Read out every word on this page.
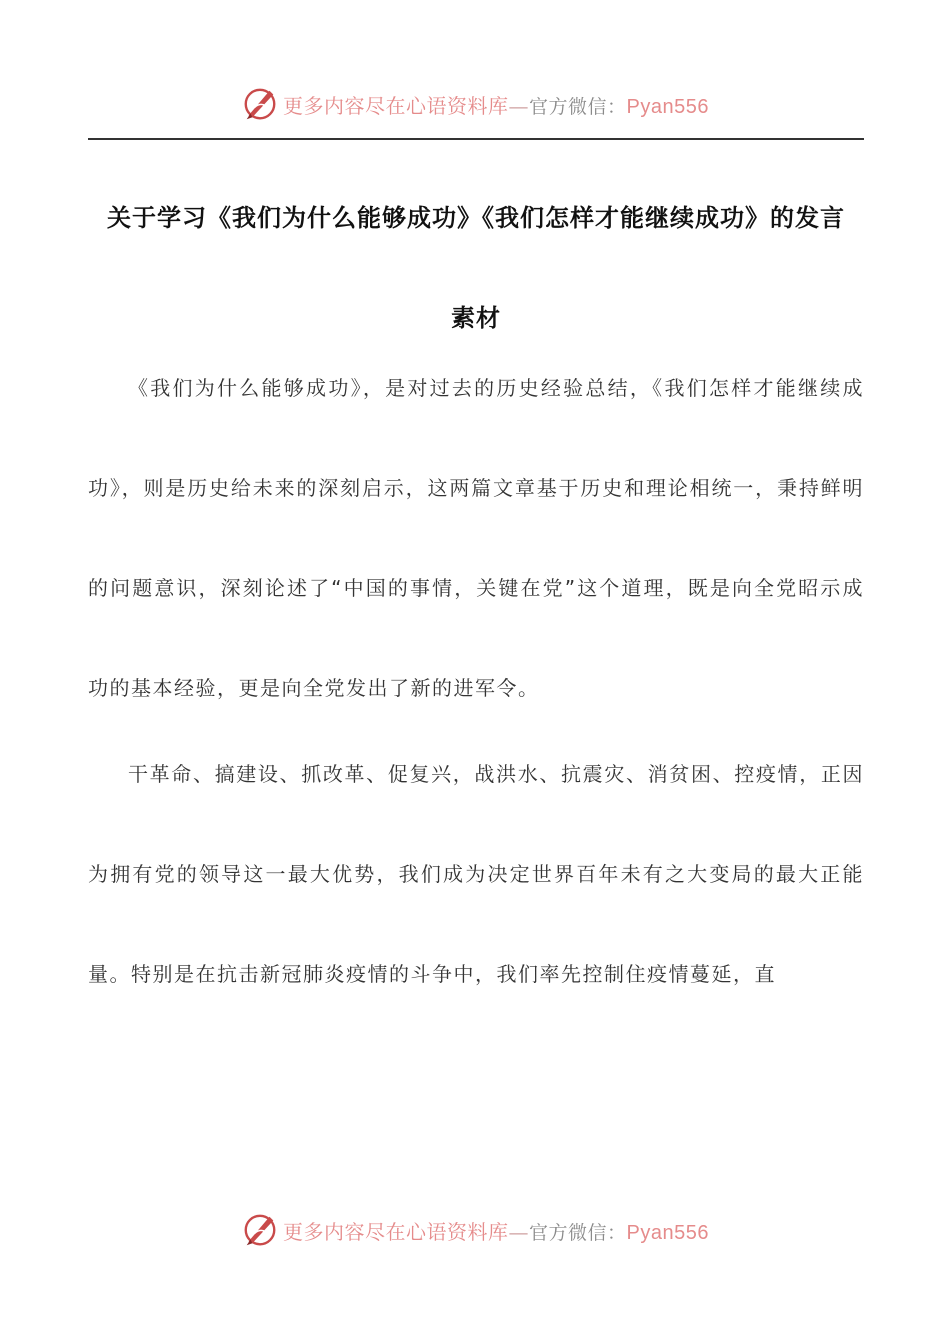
更多内容尽在心语资料库—官方微信：Pyan556
关于学习《我们为什么能够成功》《我们怎样才能继续成功》的发言
素材

《我们为什么能够成功》，是对过去的历史经验总结，《我们怎样才能继续成功》，则是历史给未来的深刻启示，这两篇文章基于历史和理论相统一，秉持鲜明的问题意识，深刻论述了“中国的事情，关键在党”这个道理，既是向全党昭示成功的基本经验，更是向全党发出了新的进军令。

干革命、搞建设、抓改革、促复兴，战洪水、抗震灾、消贫困、控疫情，正因为拥有党的领导这一最大优势，我们成为决定世界百年未有之大变局的最大正能量。特别是在抗击新冠肺炎疫情的斗争中，我们率先控制住疫情蔓延，直

更多内容尽在心语资料库—官方微信：Pyan556
